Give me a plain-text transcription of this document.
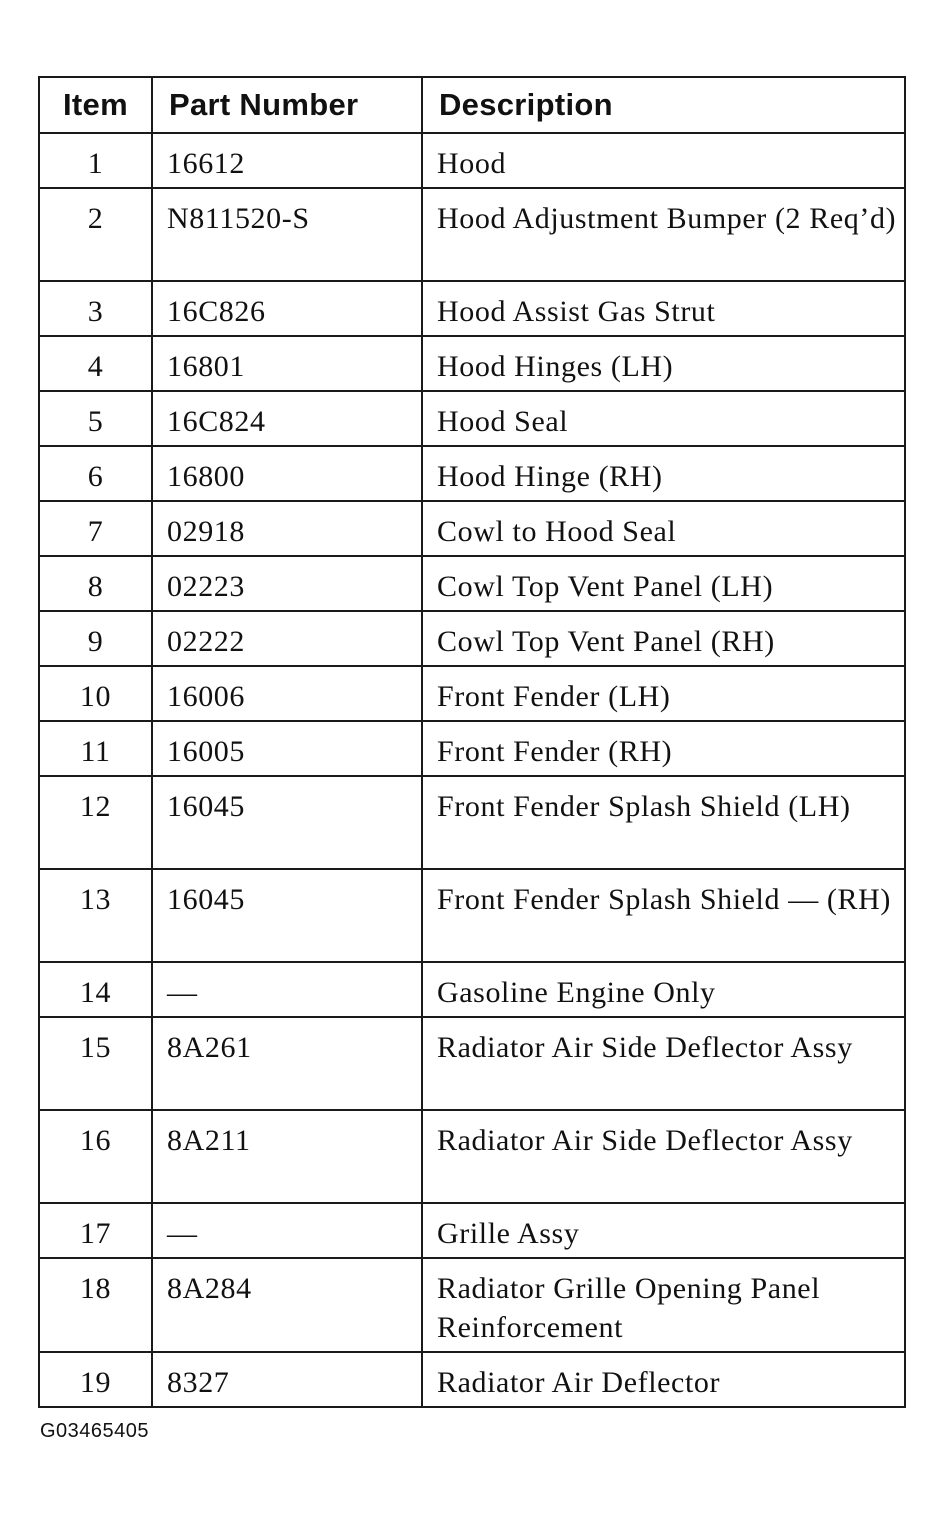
Item	Part Number	Description
1	16612	Hood
2	N811520-S	Hood Adjustment Bumper (2 Req’d)
3	16C826	Hood Assist Gas Strut
4	16801	Hood Hinges (LH)
5	16C824	Hood Seal
6	16800	Hood Hinge (RH)
7	02918	Cowl to Hood Seal
8	02223	Cowl Top Vent Panel (LH)
9	02222	Cowl Top Vent Panel (RH)
10	16006	Front Fender (LH)
11	16005	Front Fender (RH)
12	16045	Front Fender Splash Shield (LH)
13	16045	Front Fender Splash Shield — (RH)
14	—	Gasoline Engine Only
15	8A261	Radiator Air Side Deflector Assy
16	8A211	Radiator Air Side Deflector Assy
17	—	Grille Assy
18	8A284	Radiator Grille Opening Panel Reinforcement
19	8327	Radiator Air Deflector
G03465405
